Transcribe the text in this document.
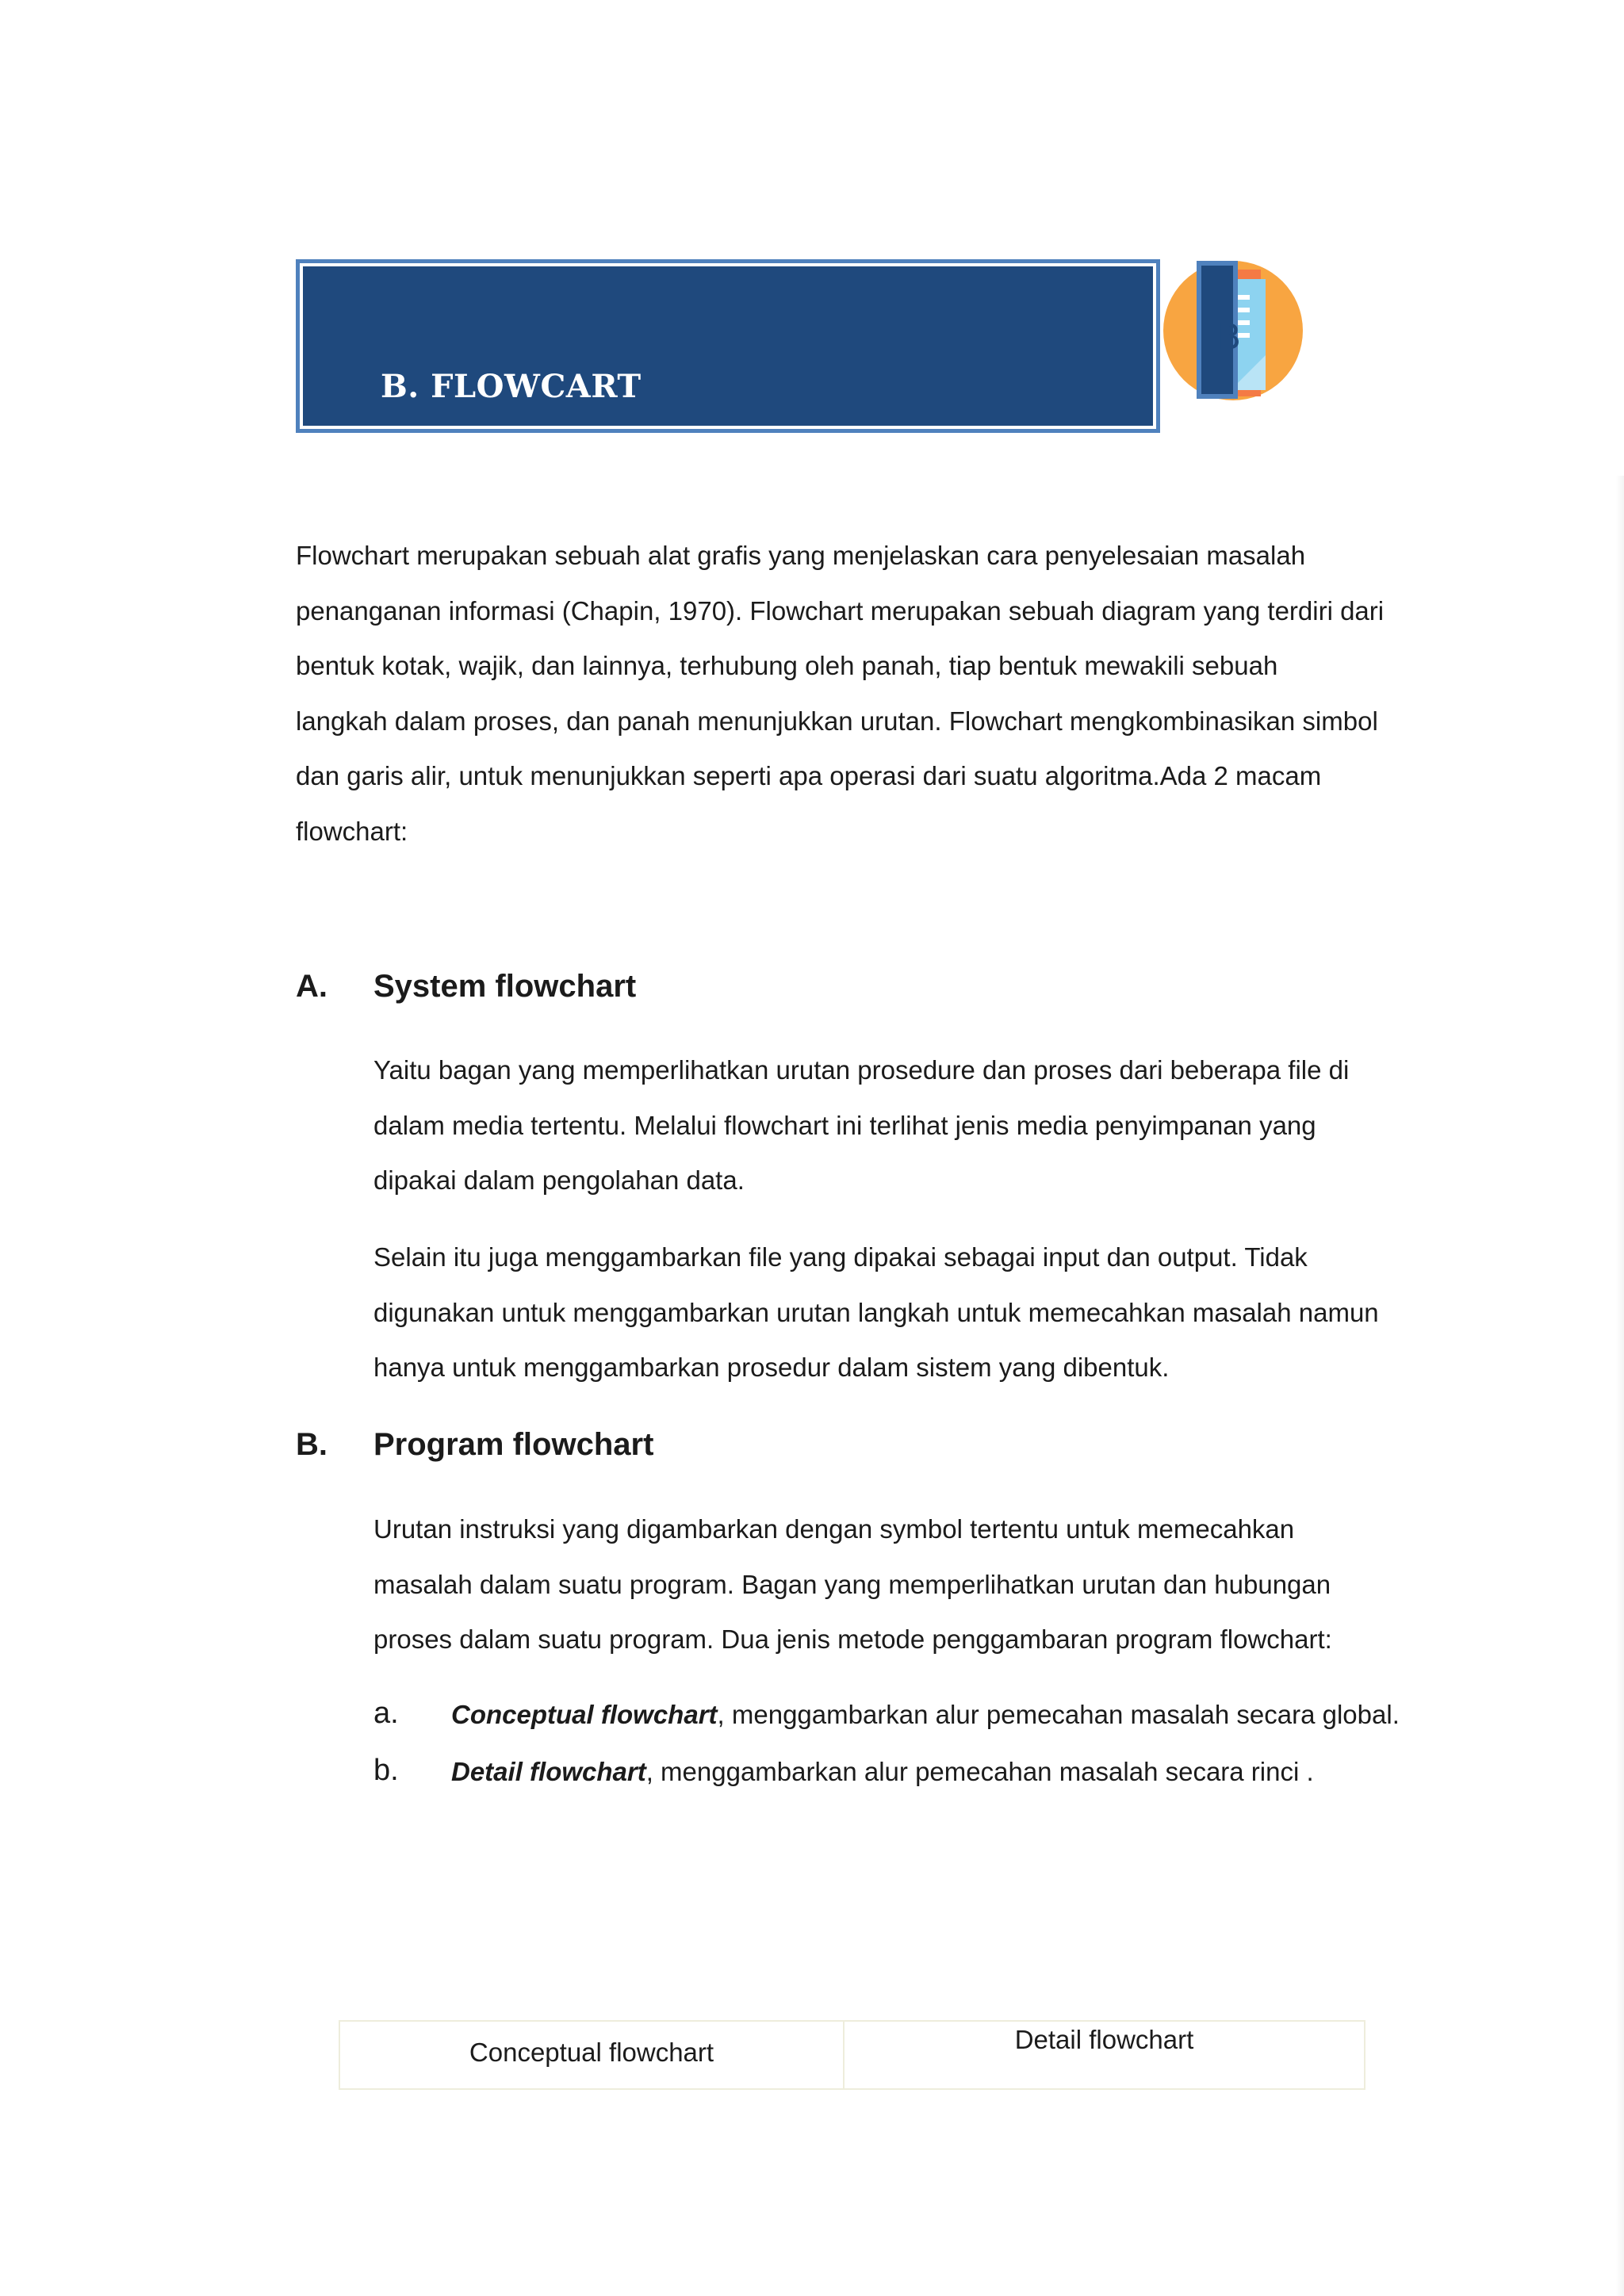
B. FLOWCART
B
Flowchart merupakan sebuah alat grafis yang menjelaskan cara penyelesaian masalah
penanganan informasi (Chapin, 1970). Flowchart merupakan sebuah diagram yang terdiri dari
bentuk kotak, wajik, dan lainnya, terhubung oleh panah, tiap bentuk mewakili sebuah
langkah dalam proses, dan panah menunjukkan urutan. Flowchart mengkombinasikan simbol
dan garis alir, untuk menunjukkan seperti apa operasi dari suatu algoritma.Ada 2 macam
flowchart:
A. System flowchart
Yaitu bagan yang memperlihatkan urutan prosedure dan proses dari beberapa file di
dalam media tertentu. Melalui flowchart ini terlihat jenis media penyimpanan yang
dipakai dalam pengolahan data.
Selain itu juga menggambarkan file yang dipakai sebagai input dan output. Tidak
digunakan untuk menggambarkan urutan langkah untuk memecahkan masalah namun
hanya untuk menggambarkan prosedur dalam sistem yang dibentuk.
B. Program flowchart
Urutan instruksi yang digambarkan dengan symbol tertentu untuk memecahkan
masalah dalam suatu program. Bagan yang memperlihatkan urutan dan hubungan
proses dalam suatu program. Dua jenis metode penggambaran program flowchart:
a. Conceptual flowchart, menggambarkan alur pemecahan masalah secara global.
b. Detail flowchart, menggambarkan alur pemecahan masalah secara rinci .
Conceptual flowchart	Detail flowchart
